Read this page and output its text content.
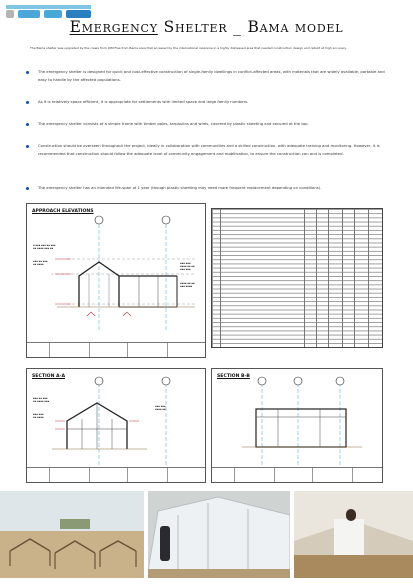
Emergency Shelter _ Bama model
The Bama shelter was upgraded by the crews from IOM Flas from Bama area that accessed by the international response in a highly distressed area that needed construction design and rebuilt at high accuracy.
The emergency shelter is designed for quick and cost-effective construction of single-family dwellings in conflict-affected areas, with materials that are widely available, portable and easy to handle by the affected populations.
As it is relatively space efficient, it is appropriate for settlements with limited space and large family numbers.
The emergency shelter consists of a simple frame with timber poles, tarpaulins and wires, covered by plastic sheeting and secured at the top.
Construction should be overseen throughout the project, ideally in collaboration with communities and a skilled construction, with adequate training and monitoring. However, it is recommended that construction should follow the adequate level of community engagement and mobilisation, to ensure the construction can and is completed.
The emergency shelter has an intended life-span of 1 year (though plastic sheeting may need more frequent replacement depending on conditions).
APPROACH ELEVATIONS
▪ ▪▪▪ ▪▪▪ ▪▪ ▪▪▪
▪▪ ▪▪▪▪ ▪▪▪ ▪▪
▪▪▪ ▪▪ ▪▪▪
▪▪ ▪▪▪▪	▪▪▪ ▪▪▪
▪▪▪▪ ▪▪ ▪▪
▪▪▪ ▪▪▪
▪▪▪▪ ▪▪ ▪▪
▪▪▪ ▪▪▪▪
SECTION A-A
▪▪▪ ▪▪ ▪▪▪
▪▪ ▪▪▪▪ ▪▪▪
▪▪▪ ▪▪▪
▪▪ ▪▪▪▪
▪▪▪ ▪▪▪
▪▪▪▪ ▪▪
SECTION B-B
